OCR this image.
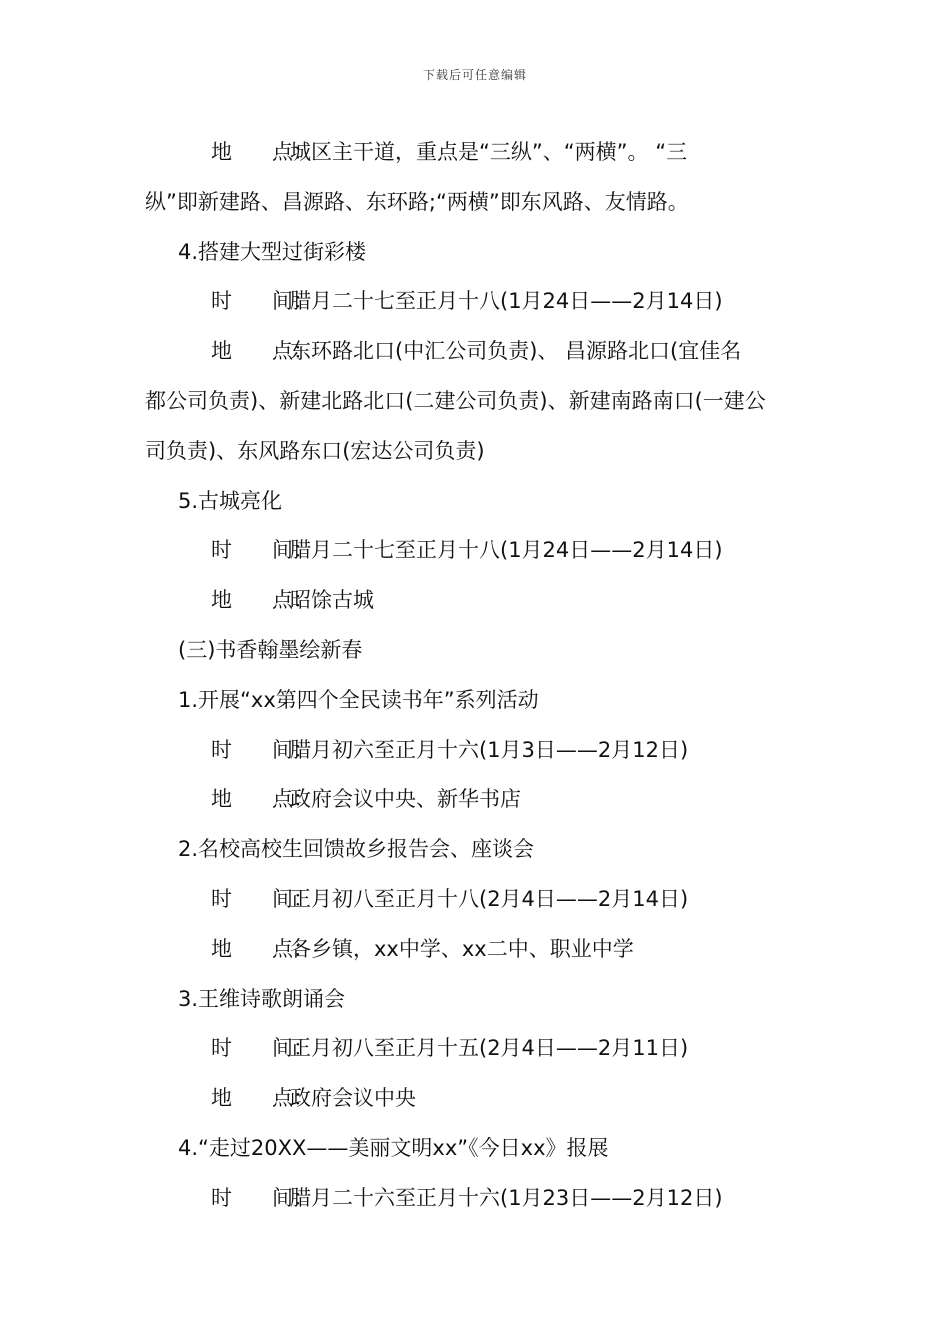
下载后可任意编辑
地      点：城区主干道，重点是“三纵”、“两横”。 “三
纵”即新建路、昌源路、东环路;“两横”即东风路、友情路。
4.搭建大型过街彩楼
时      间：腊月二十七至正月十八(1月24日——2月14日)
地      点：东环路北口(中汇公司负责)、 昌源路北口(宜佳名
都公司负责)、新建北路北口(二建公司负责)、新建南路南口(一建公
司负责)、东风路东口(宏达公司负责)
5.古城亮化
时      间：腊月二十七至正月十八(1月24日——2月14日)
地      点：昭馀古城
(三)书香翰墨绘新春
1.开展“xx第四个全民读书年”系列活动
时      间：腊月初六至正月十六(1月3日——2月12日)
地      点：政府会议中央、新华书店
2.名校高校生回馈故乡报告会、座谈会
时      间：正月初八至正月十八(2月4日——2月14日)
地      点：各乡镇，xx中学、xx二中、职业中学
3.王维诗歌朗诵会
时      间：正月初八至正月十五(2月4日——2月11日)
地      点：政府会议中央
4.“走过20XX——美丽文明xx”《今日xx》报展
时      间：腊月二十六至正月十六(1月23日——2月12日)
